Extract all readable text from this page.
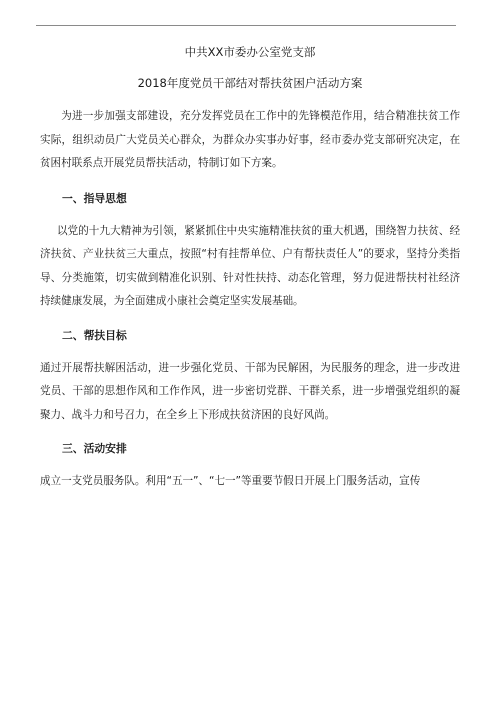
中共XX市委办公室党支部
2018年度党员干部结对帮扶贫困户活动方案

为进一步加强支部建设，充分发挥党员在工作中的先锋模范作用，结合精准扶贫工作实际，组织动员广大党员关心群众，为群众办实事办好事，经市委办党支部研究决定，在贫困村联系点开展党员帮扶活动，特制订如下方案。

一、指导思想

以党的十九大精神为引领，紧紧抓住中央实施精准扶贫的重大机遇，围绕智力扶贫、经济扶贫、产业扶贫三大重点，按照“村有挂帮单位、户有帮扶责任人”的要求，坚持分类指导、分类施策，切实做到精准化识别、针对性扶持、动态化管理，努力促进帮扶村社经济持续健康发展，为全面建成小康社会奠定坚实发展基础。

二、帮扶目标

通过开展帮扶解困活动，进一步强化党员、干部为民解困，为民服务的理念，进一步改进党员、干部的思想作风和工作作风，进一步密切党群、干群关系，进一步增强党组织的凝聚力、战斗力和号召力，在全乡上下形成扶贫济困的良好风尚。

三、活动安排

成立一支党员服务队。利用“五一”、“七一”等重要节假日开展上门服务活动，宣传
